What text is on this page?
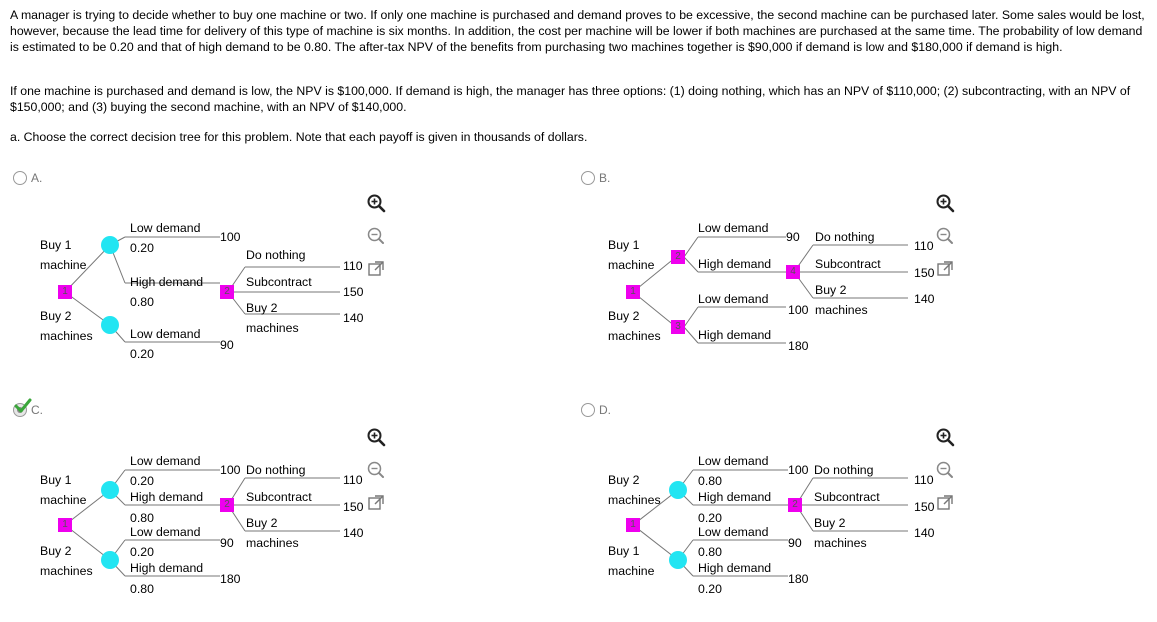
A manager is trying to decide whether to buy one machine or two. If only one machine is purchased and demand proves to be excessive, the second machine can be purchased later. Some sales would be lost, however, because the lead time for delivery of this type of machine is six months. In addition, the cost per machine will be lower if both machines are purchased at the same time. The probability of low demand is estimated to be 0.20 and that of high demand to be 0.80. The after-tax NPV of the benefits from purchasing two machines together is $90,000 if demand is low and $180,000 if demand is high.

If one machine is purchased and demand is low, the NPV is $100,000. If demand is high, the manager has three options: (1) doing nothing, which has an NPV of $110,000; (2) subcontracting, with an NPV of $150,000; and (3) buying the second machine, with an NPV of $140,000.

a. Choose the correct decision tree for this problem. Note that each payoff is given in thousands of dollars.

A.	B.
C.	D.
Buy 1
machine
Buy 2
machines
1
Low demand
0.20
100
High demand
0.80
2
Do nothing
Subcontract
Buy 2
machines
110
150
140
Low demand
0.20
90
Buy 1
machine
Buy 2
machines
1
2
3
Low demand
90
High demand
4
Do nothing
Subcontract
Buy 2
machines
110
150
140
Low demand
100
High demand
180
Buy 1
machine
Buy 2
machines
1
Low demand
0.20
100
High demand
0.80
2
Do nothing
Subcontract
Buy 2
machines
110
150
140
Low demand
0.20
90
High demand
0.80
180
Buy 2
machines
Buy 1
machine
1
Low demand
0.80
100
High demand
0.20
2
Do nothing
Subcontract
Buy 2
machines
110
150
140
Low demand
0.80
90
High demand
0.20
180
